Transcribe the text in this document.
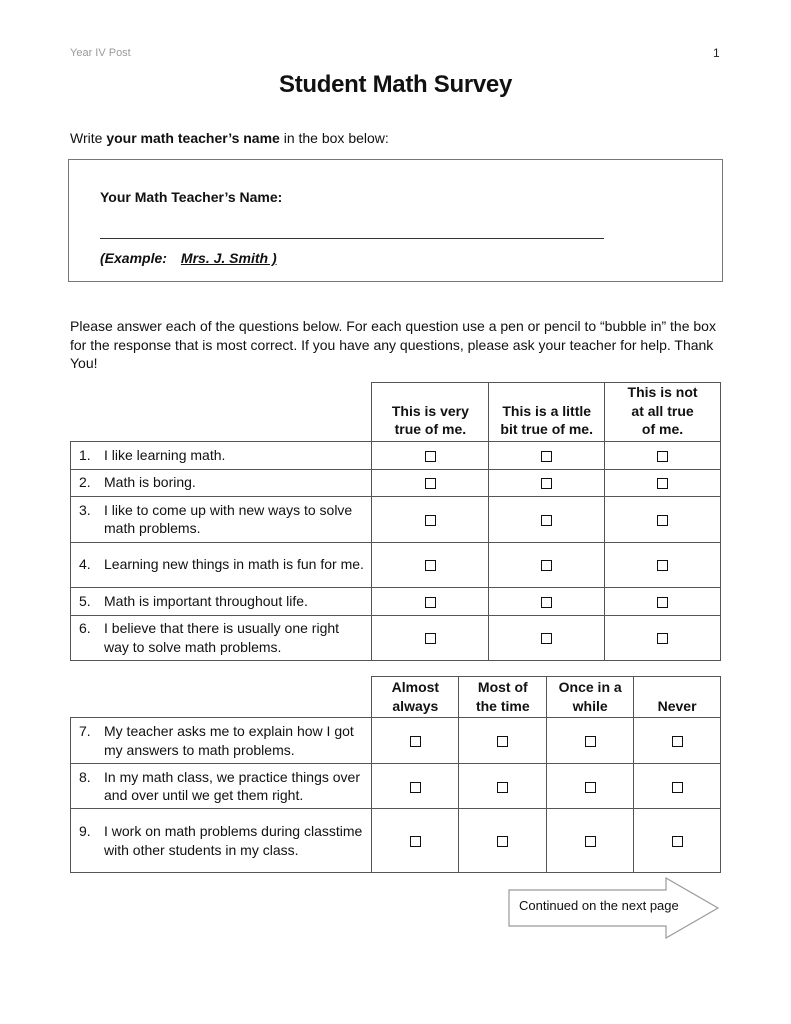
Year IV Post	1
Student Math Survey
Write your math teacher’s name in the box below:
Your Math Teacher’s Name:
(Example: Mrs. J. Smith )
Please answer each of the questions below. For each question use a pen or pencil to “bubble in” the box for the response that is most correct. If you have any questions, please ask your teacher for help. Thank You!
	This is very true of me.	This is a little bit true of me.	This is not at all true of me.

1. I like learning math.			

2. Math is boring.			

3. I like to come up with new ways to solve math problems.			

4. Learning new things in math is fun for me.			

5. Math is important throughout life.			

6. I believe that there is usually one right way to solve math problems.			

	Almost always	Most of the time	Once in a while	Never

7. My teacher asks me to explain how I got my answers to math problems.				

8. In my math class, we practice things over and over until we get them right.				

9. I work on math problems during classtime with other students in my class.				

Continued on the next page
